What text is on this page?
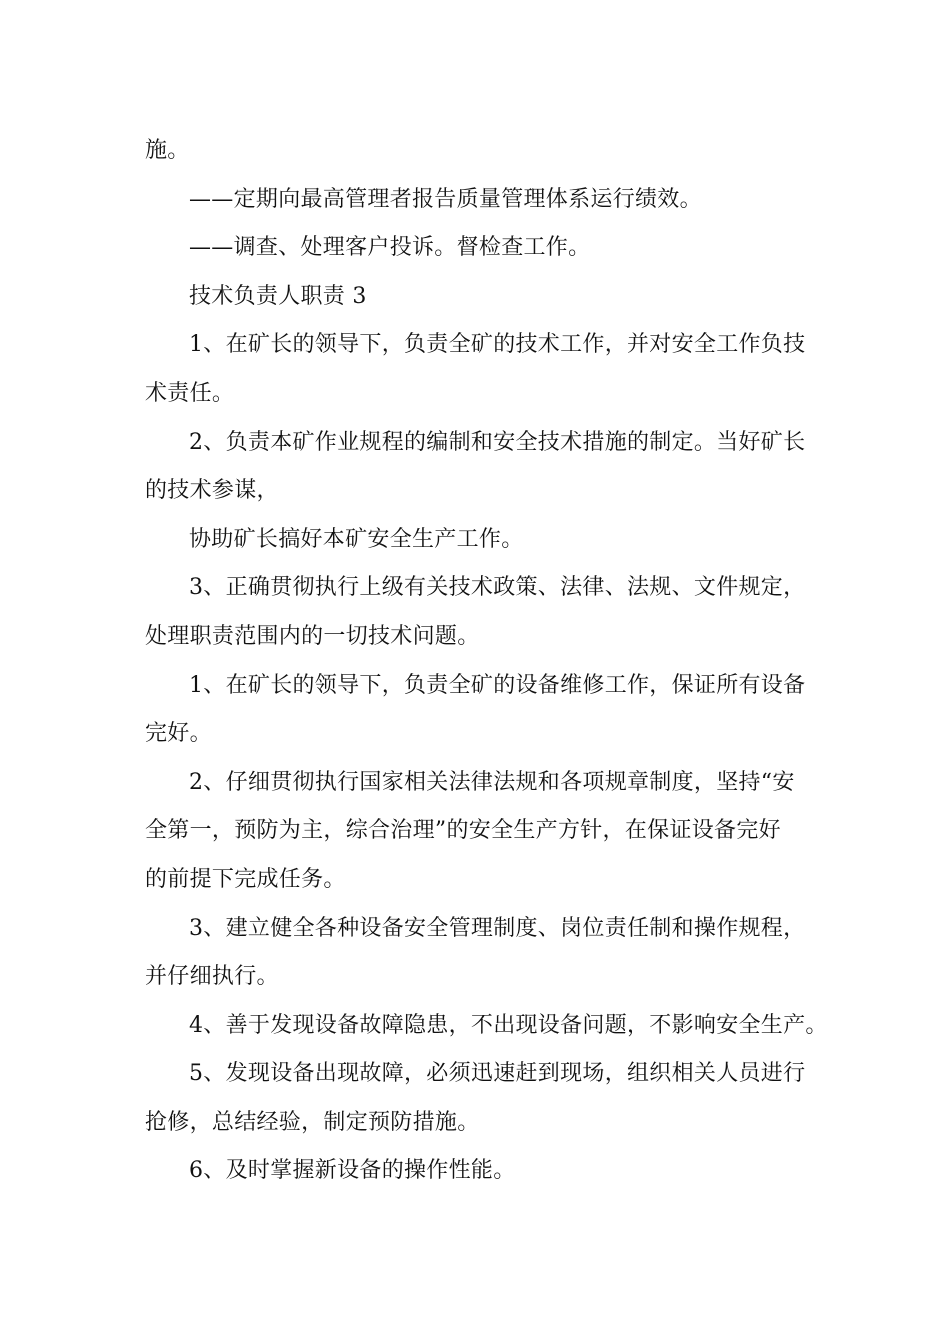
施。
——定期向最高管理者报告质量管理体系运行绩效。
——调查、处理客户投诉。督检查工作。
技术负责人职责 3
1、在矿长的领导下，负责全矿的技术工作，并对安全工作负技
术责任。
2、负责本矿作业规程的编制和安全技术措施的制定。当好矿长
的技术参谋，
协助矿长搞好本矿安全生产工作。
3、正确贯彻执行上级有关技术政策、法律、法规、文件规定，
处理职责范围内的一切技术问题。
1、在矿长的领导下，负责全矿的设备维修工作，保证所有设备
完好。
2、仔细贯彻执行国家相关法律法规和各项规章制度，坚持“安
全第一，预防为主，综合治理”的安全生产方针，在保证设备完好
的前提下完成任务。
3、建立健全各种设备安全管理制度、岗位责任制和操作规程，
并仔细执行。
4、善于发现设备故障隐患，不出现设备问题，不影响安全生产。
5、发现设备出现故障，必须迅速赶到现场，组织相关人员进行
抢修，总结经验，制定预防措施。
6、及时掌握新设备的操作性能。
